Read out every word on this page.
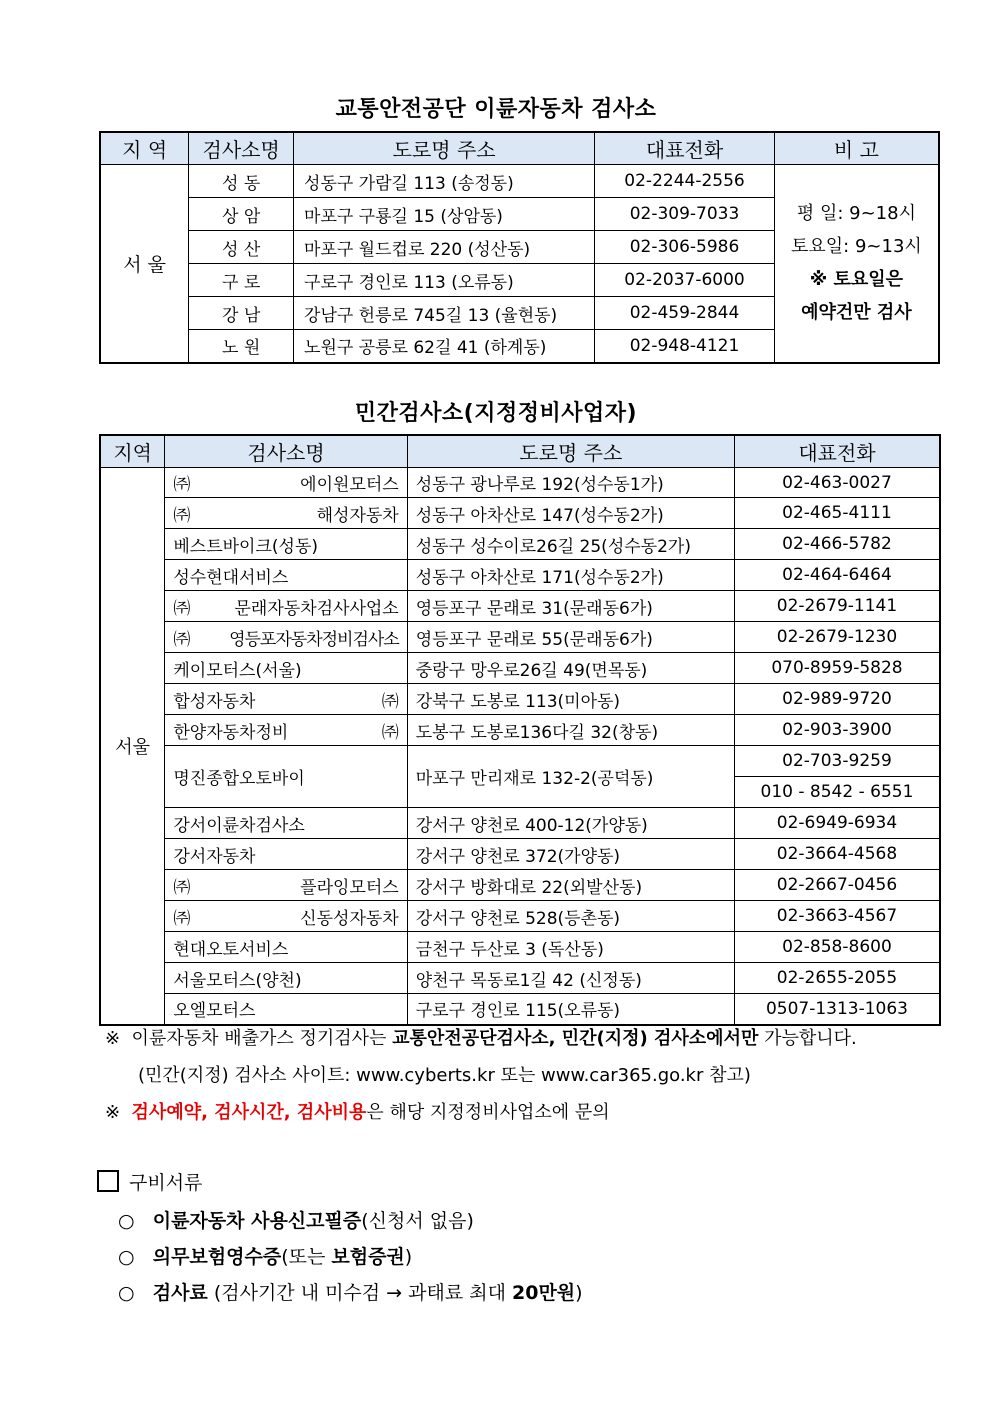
교통안전공단 이륜자동차 검사소
지 역	검사소명	도로명 주소	대표전화	비 고
서 울	성 동	성동구 가람길 113 (송정동)	02-2244-2556	평 일: 9~18시
토요일: 9~13시
※ 토요일은
예약건만 검사

	상 암	마포구 구룡길 15 (상암동)	02-309-7033	
	성 산	마포구 월드컵로 220 (성산동)	02-306-5986	
	구 로	구로구 경인로 113 (오류동)	02-2037-6000	
	강 남	강남구 헌릉로 745길 13 (율현동)	02-459-2844	
	노 원	노원구 공릉로 62길 41 (하계동)	02-948-4121	
민간검사소(지정정비사업자)
지역	검사소명	도로명 주소	대표전화
서울	㈜에이원모터스	성동구 광나루로 192(성수동1가)	02-463-0027
	㈜해성자동차	성동구 아차산로 147(성수동2가)	02-465-4111
	베스트바이크(성동)	성동구 성수이로26길 25(성수동2가)	02-466-5782
	성수현대서비스	성동구 아차산로 171(성수동2가)	02-464-6464
	㈜문래자동차검사사업소	영등포구 문래로 31(문래동6가)	02-2679-1141
	㈜영등포자동차정비검사소	영등포구 문래로 55(문래동6가)	02-2679-1230
	케이모터스(서울)	중랑구 망우로26길 49(면목동)	070-8959-5828
	합성자동차㈜	강북구 도봉로 113(미아동)	02-989-9720
	한양자동차정비㈜	도봉구 도봉로136다길 32(창동)	02-903-3900
	명진종합오토바이	마포구 만리재로 132-2(공덕동)	02-703-9259
			010 - 8542 - 6551
	강서이륜차검사소	강서구 양천로 400-12(가양동)	02-6949-6934
	강서자동차	강서구 양천로 372(가양동)	02-3664-4568
	㈜플라잉모터스	강서구 방화대로 22(외발산동)	02-2667-0456
	㈜신동성자동차	강서구 양천로 528(등촌동)	02-3663-4567
	현대오토서비스	금천구 두산로 3 (독산동)	02-858-8600
	서울모터스(양천)	양천구 목동로1길 42 (신정동)	02-2655-2055
	오엘모터스	구로구 경인로 115(오류동)	0507-1313-1063
※ 이륜자동차 배출가스 정기검사는 교통안전공단검사소, 민간(지정) 검사소에서만 가능합니다.
(민간(지정) 검사소 사이트: www.cyberts.kr 또는 www.car365.go.kr 참고)
※ 검사예약, 검사시간, 검사비용은 해당 지정정비사업소에 문의
구비서류
○ 이륜자동차 사용신고필증(신청서 없음)
○ 의무보험영수증(또는 보험증권)
○ 검사료 (검사기간 내 미수검 → 과태료 최대 20만원)
